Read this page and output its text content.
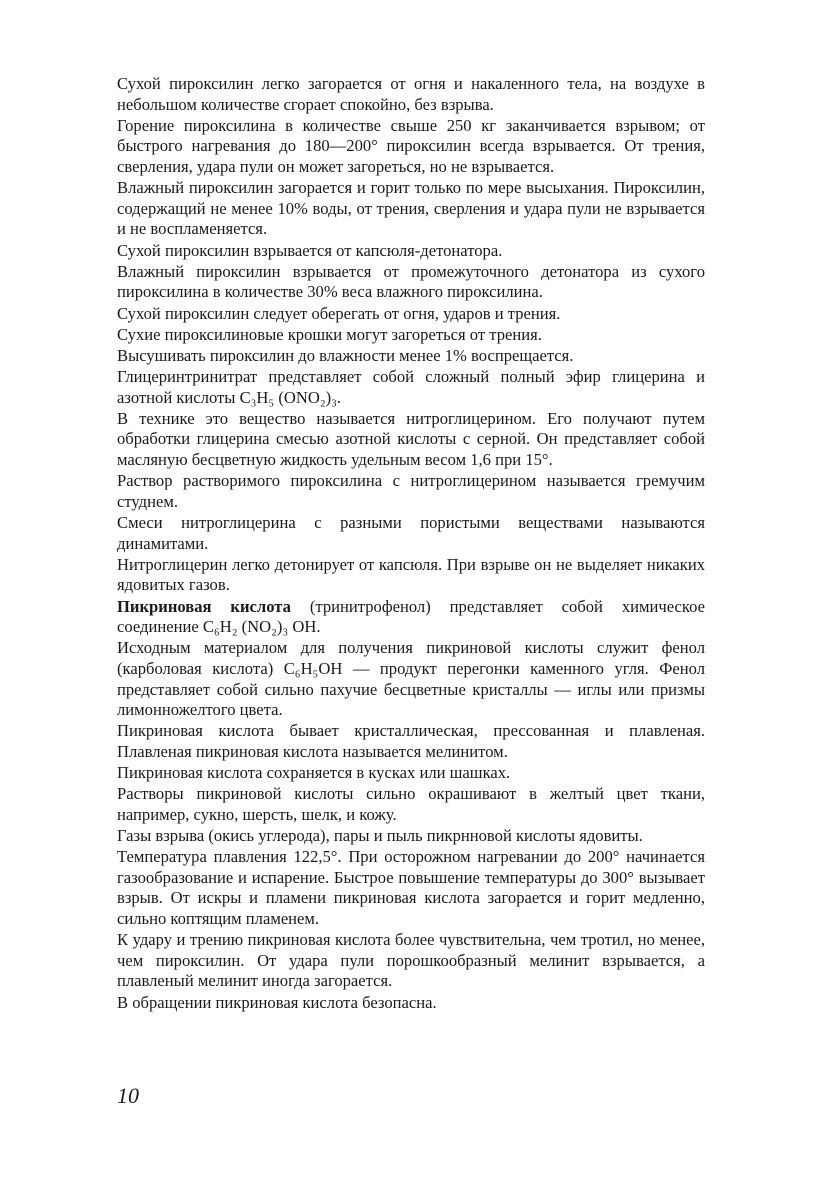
Сухой пироксилин легко загорается от огня и накаленного тела, на воздухе в небольшом количестве сгорает спокойно, без взрыва.

Горение пироксилина в количестве свыше 250 кг заканчивается взрывом; от быстрого нагревания до 180—200° пироксилин всегда взрывается. От трения, сверления, удара пули он может загореться, но не взрывается.

Влажный пироксилин загорается и горит только по мере высыхания. Пироксилин, содержащий не менее 10% воды, от трения, сверления и удара пули не взрывается и не воспламеняется.

Сухой пироксилин взрывается от капсюля-детонатора.

Влажный пироксилин взрывается от промежуточного детонатора из сухого пироксилина в количестве 30% веса влажного пироксилина.

Сухой пироксилин следует оберегать от огня, ударов и трения.

Сухие пироксилиновые крошки могут загореться от трения.

Высушивать пироксилин до влажности менее 1% воспрещается.

Глицеринтринитрат представляет собой сложный полный эфир глицерина и азотной кислоты C₃H₅ (ONO₂)₃.

В технике это вещество называется нитроглицерином. Его получают путем обработки глицерина смесью азотной кислоты с серной. Он представляет собой масляную бесцветную жидкость удельным весом 1,6 при 15°.

Раствор растворимого пироксилина с нитроглицерином называется гремучим студнем.

Смеси нитроглицерина с разными пористыми веществами называются динамитами.

Нитроглицерин легко детонирует от капсюля. При взрыве он не выделяет никаких ядовитых газов.

Пикриновая кислота (тринитрофенол) представляет собой химическое соединение C₆H₂ (NO₂)₃ OH.

Исходным материалом для получения пикриновой кислоты служит фенол (карболовая кислота) C₆H₅OH — продукт перегонки каменного угля. Фенол представляет собой сильно пахучие бесцветные кристаллы — иглы или призмы лимонножелтого цвета.

Пикриновая кислота бывает кристаллическая, прессованная и плавленая. Плавленая пикриновая кислота называется мелинитом.

Пикриновая кислота сохраняется в кусках или шашках.

Растворы пикриновой кислоты сильно окрашивают в желтый цвет ткани, например, сукно, шерсть, шелк, и кожу.

Газы взрыва (окись углерода), пары и пыль пикрнновой кислоты ядовиты.

Температура плавления 122,5°. При осторожном нагревании до 200° начинается газообразование и испарение. Быстрое повышение температуры до 300° вызывает взрыв. От искры и пламени пикриновая кислота загорается и горит медленно, сильно коптящим пламенем.

К удару и трению пикриновая кислота более чувствительна, чем тротил, но менее, чем пироксилин. От удара пули порошкообразный мелинит взрывается, а плавленый мелинит иногда загорается.

В обращении пикриновая кислота безопасна.

10
